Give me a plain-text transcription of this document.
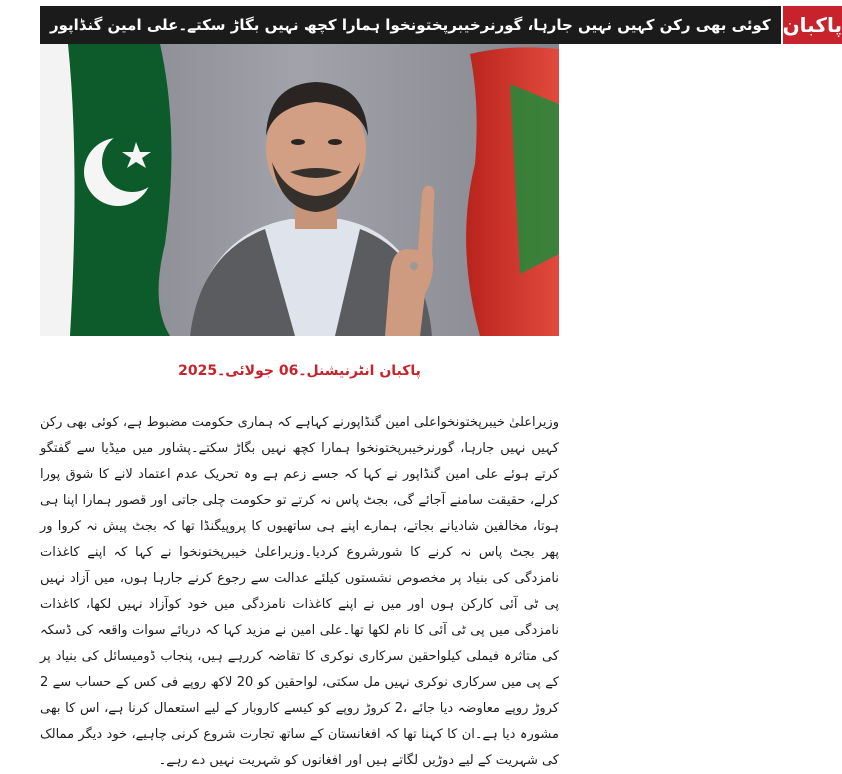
کوئی بھی رکن کہیں نہیں جارہا، گورنرخیبرپختونخوا ہمارا کچھ نہیں بگاڑ سکتے۔علی امین گنڈاپور پاکبان
پاکبان انٹرنیشنل۔06 جولائی۔2025
وزیراعلیٰ خیبرپختونخواعلی امین گنڈاپورنے کہاہے کہ ہماری حکومت مضبوط ہے، کوئی بھی رکن کہیں نہیں جارہا، گورنرخیبرپختونخوا ہمارا کچھ نہیں بگاڑ سکتے۔پشاور میں میڈیا سے گفتگو کرتے ہوئے علی امین گنڈاپور نے کہا کہ جسے زعم ہے وہ تحریک عدم اعتماد لانے کا شوق پورا کرلے، حقیقت سامنے آجائے گی، بجٹ پاس نہ کرتے تو حکومت چلی جاتی اور قصور ہمارا اپنا ہی ہوتا، مخالفین شادیانے بجاتے، ہمارے اپنے ہی ساتھیوں کا پروپیگنڈا تھا کہ بجٹ پیش نہ کروا ور پھر بجٹ پاس نہ کرنے کا شورشروع کردیا۔وزیراعلیٰ خیبرپختونخوا نے کہا کہ اپنے کاغذات نامزدگی کی بنیاد پر مخصوص نشستوں کیلئے عدالت سے رجوع کرنے جارہا ہوں، میں آزاد نہیں پی ٹی آئی کارکن ہوں اور میں نے اپنے کاغذات نامزدگی میں خود کوآزاد نہیں لکھا، کاغذات نامزدگی میں پی ٹی آئی کا نام لکھا تھا۔علی امین نے مزید کہا کہ دریائے سوات واقعہ کی ڈسکہ کی متاثرہ فیملی کیلواحقین سرکاری نوکری کا تقاضہ کررہے ہیں، پنجاب ڈومیسائل کی بنیاد پر کے پی میں سرکاری نوکری نہیں مل سکتی، لواحقین کو 20 لاکھ روپے فی کس کے حساب سے 2 کروڑ روپے معاوضہ دیا جائے ،2 کروڑ روپے کو کیسے کاروبار کے لیے استعمال کرنا ہے، اس کا بھی مشورہ دیا ہے۔ان کا کہنا تھا کہ افغانستان کے ساتھ تجارت شروع کرنی چاہیے، خود دیگر ممالک کی شہریت کے لیے دوڑیں لگاتے ہیں اور افغانوں کو شہریت نہیں دے رہے۔
